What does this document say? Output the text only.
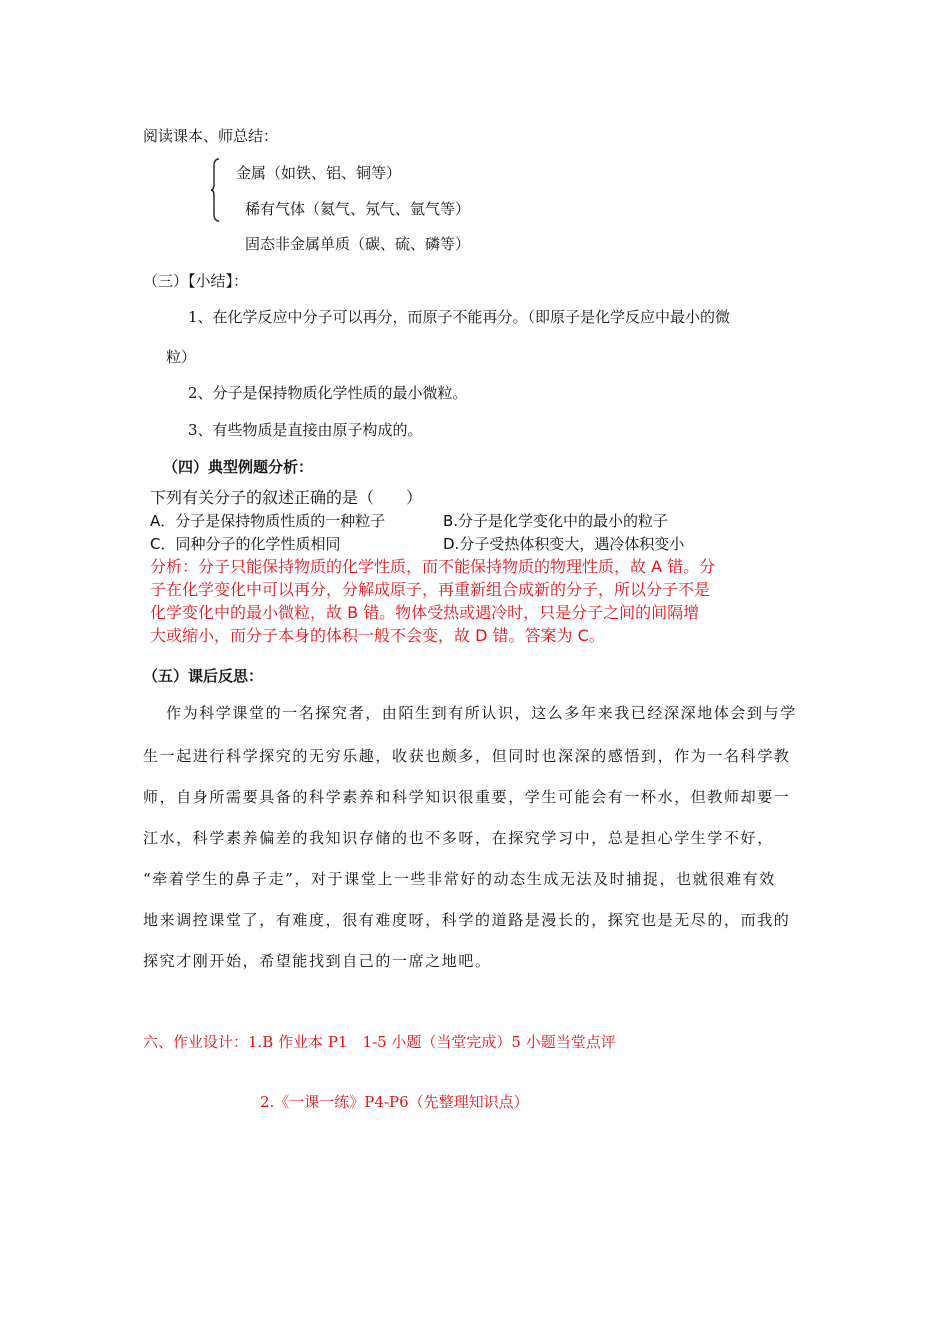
阅读课本、师总结：
金属（如铁、铝、铜等）
稀有气体（氦气、氖气、氩气等）
固态非金属单质（碳、硫、磷等）
（三）【小结】：
1、在化学反应中分子可以再分，而原子不能再分。（即原子是化学反应中最小的微
粒）
2、分子是保持物质化学性质的最小微粒。
3、有些物质是直接由原子构成的。
（四）典型例题分析：
下列有关分子的叙述正确的是（　　）
A．分子是保持物质性质的一种粒子	B.分子是化学变化中的最小的粒子
C．同种分子的化学性质相同	D.分子受热体积变大，遇冷体积变小
分析：分子只能保持物质的化学性质，而不能保持物质的物理性质，故 A 错。分
子在化学变化中可以再分，分解成原子，再重新组合成新的分子，所以分子不是
化学变化中的最小微粒，故 B 错。物体受热或遇冷时，只是分子之间的间隔增
大或缩小，而分子本身的体积一般不会变，故 D 错。答案为 C。
（五）课后反思：
作为科学课堂的一名探究者，由陌生到有所认识，这么多年来我已经深深地体会到与学
生一起进行科学探究的无穷乐趣，收获也颇多，但同时也深深的感悟到，作为一名科学教
师，自身所需要具备的科学素养和科学知识很重要，学生可能会有一杯水，但教师却要一
江水，科学素养偏差的我知识存储的也不多呀，在探究学习中，总是担心学生学不好，
“牵着学生的鼻子走”，对于课堂上一些非常好的动态生成无法及时捕捉，也就很难有效
地来调控课堂了，有难度，很有难度呀，科学的道路是漫长的，探究也是无尽的，而我的
探究才刚开始，希望能找到自己的一席之地吧。
六、作业设计：1.B 作业本 P1　1-5 小题（当堂完成）5 小题当堂点评
2.《一课一练》P4-P6（先整理知识点）
